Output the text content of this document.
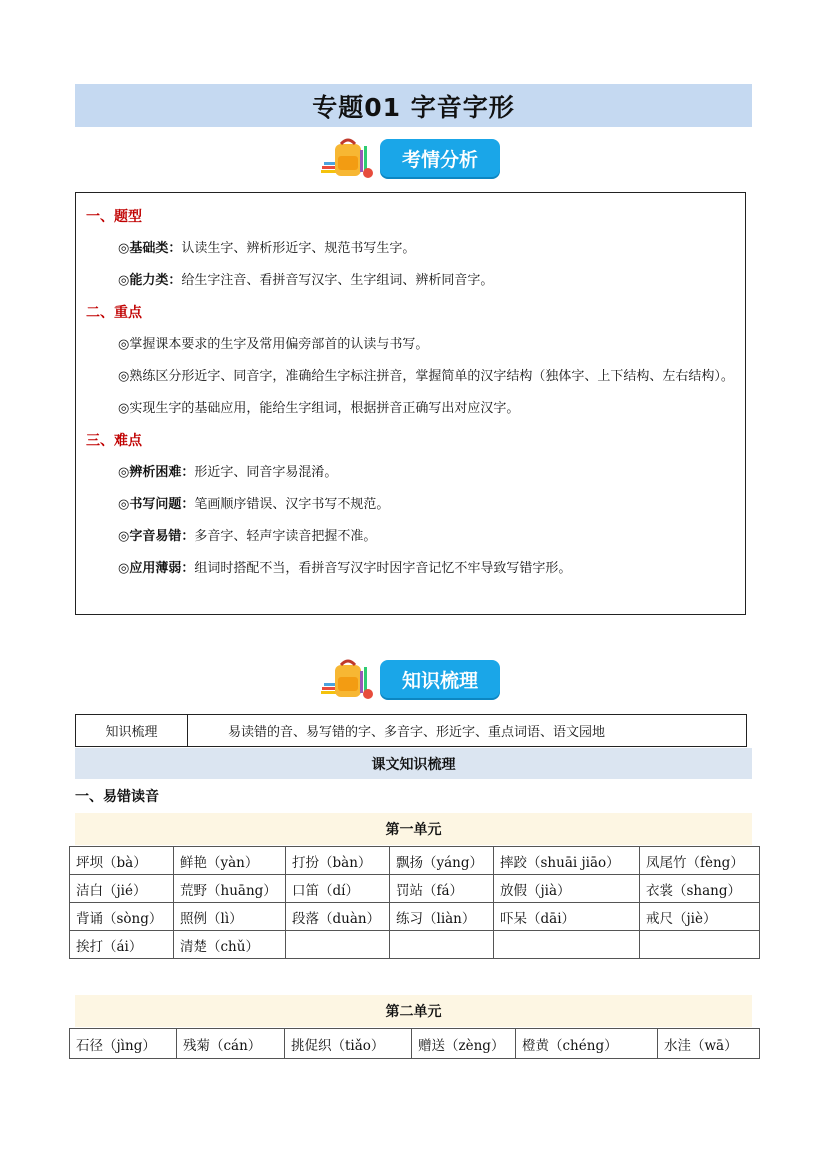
专题01 字音字形
考情分析
一、题型

◎基础类：认读生字、辨析形近字、规范书写生字。

◎能力类：给生字注音、看拼音写汉字、生字组词、辨析同音字。

二、重点

◎掌握课本要求的生字及常用偏旁部首的认读与书写。

◎熟练区分形近字、同音字，准确给生字标注拼音，掌握简单的汉字结构（独体字、上下结构、左右结构）。

◎实现生字的基础应用，能给生字组词，根据拼音正确写出对应汉字。

三、难点

◎辨析困难：形近字、同音字易混淆。

◎书写问题：笔画顺序错误、汉字书写不规范。

◎字音易错：多音字、轻声字读音把握不准。

◎应用薄弱：组词时搭配不当，看拼音写汉字时因字音记忆不牢导致写错字形。

知识梳理
知识梳理	易读错的音、易写错的字、多音字、形近字、重点词语、语文园地
课文知识梳理
一、易错读音
第一单元
坪坝（bà）	鲜艳（yàn）	打扮（bàn）	飘扬（yáng）	摔跤（shuāi jiāo）	凤尾竹（fèng）
洁白（jié）	荒野（huāng）	口笛（dí）	罚站（fá）	放假（jià）	衣裳（shang）
背诵（sòng）	照例（lì）	段落（duàn）	练习（liàn）	吓呆（dāi）	戒尺（jiè）
挨打（ái）	清楚（chǔ）				
第二单元
石径（jìng）	残菊（cán）	挑促织（tiǎo）	赠送（zèng）	橙黄（chéng）	水洼（wā）
